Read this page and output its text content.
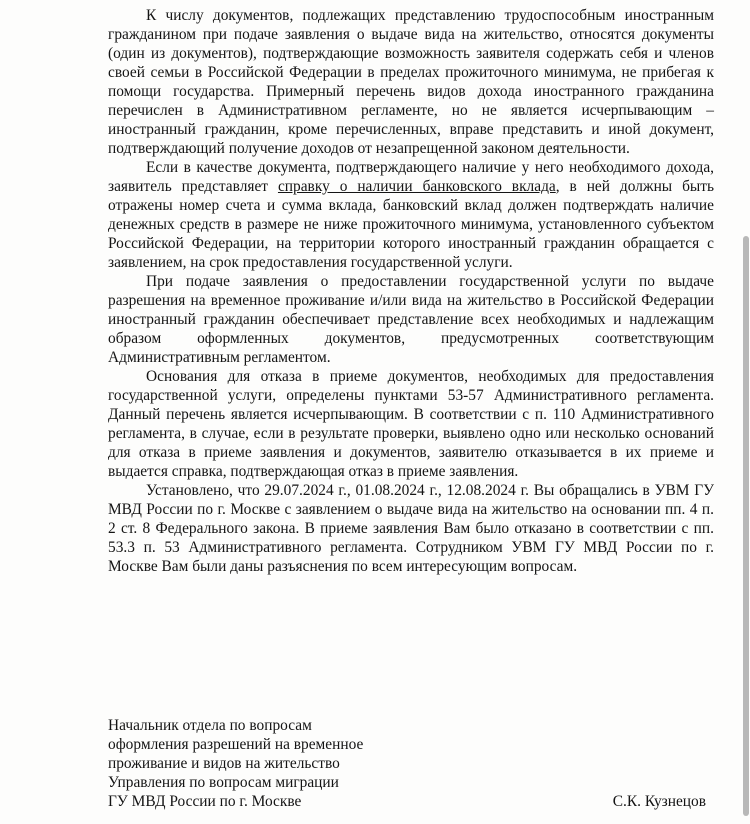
К числу документов, подлежащих представлению трудоспособным иностранным гражданином при подаче заявления о выдаче вида на жительство, относятся документы (один из документов), подтверждающие возможность заявителя содержать себя и членов своей семьи в Российской Федерации в пределах прожиточного минимума, не прибегая к помощи государства. Примерный перечень видов дохода иностранного гражданина перечислен в Административном регламенте, но не является исчерпывающим – иностранный гражданин, кроме перечисленных, вправе представить и иной документ, подтверждающий получение доходов от незапрещенной законом деятельности.

Если в качестве документа, подтверждающего наличие у него необходимого дохода, заявитель представляет справку о наличии банковского вклада, в ней должны быть отражены номер счета и сумма вклада, банковский вклад должен подтверждать наличие денежных средств в размере не ниже прожиточного минимума, установленного субъектом Российской Федерации, на территории которого иностранный гражданин обращается с заявлением, на срок предоставления государственной услуги.

При подаче заявления о предоставлении государственной услуги по выдаче разрешения на временное проживание и/или вида на жительство в Российской Федерации иностранный гражданин обеспечивает представление всех необходимых и надлежащим образом оформленных документов, предусмотренных соответствующим Административным регламентом.

Основания для отказа в приеме документов, необходимых для предоставления государственной услуги, определены пунктами 53-57 Административного регламента. Данный перечень является исчерпывающим. В соответствии с п. 110 Административного регламента, в случае, если в результате проверки, выявлено одно или несколько оснований для отказа в приеме заявления и документов, заявителю отказывается в их приеме и выдается справка, подтверждающая отказ в приеме заявления.

Установлено, что 29.07.2024 г., 01.08.2024 г., 12.08.2024 г. Вы обращались в УВМ ГУ МВД России по г. Москве с заявлением о выдаче вида на жительство на основании пп. 4 п. 2 ст. 8 Федерального закона. В приеме заявления Вам было отказано в соответствии с пп. 53.3 п. 53 Административного регламента. Сотрудником УВМ ГУ МВД России по г. Москве Вам были даны разъяснения по всем интересующим вопросам.

Начальник отдела по вопросам
оформления разрешений на временное
проживание и видов на жительство
Управления по вопросам миграции
ГУ МВД России по г. Москве	С.К. Кузнецов
